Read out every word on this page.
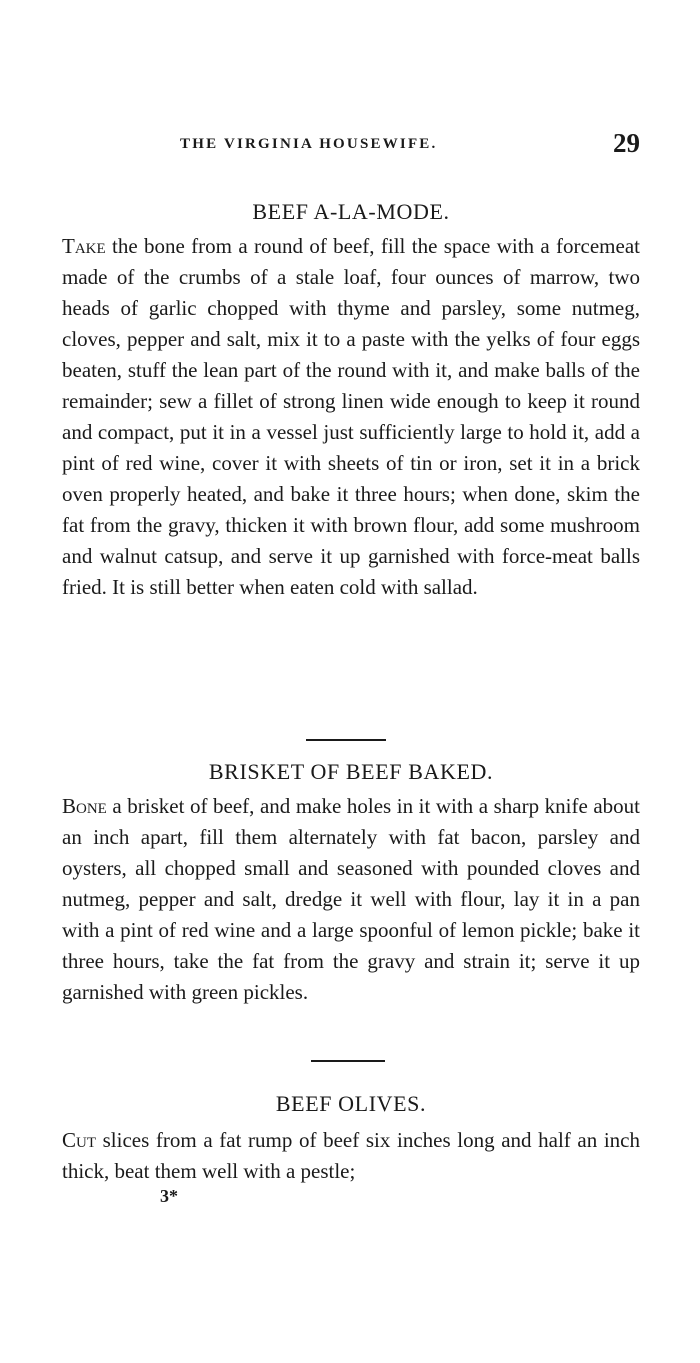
THE VIRGINIA HOUSEWIFE.	29
BEEF A-LA-MODE.

Take the bone from a round of beef, fill the space with a forcemeat made of the crumbs of a stale loaf, four ounces of marrow, two heads of garlic chopped with thyme and parsley, some nutmeg, cloves, pepper and salt, mix it to a paste with the yelks of four eggs beaten, stuff the lean part of the round with it, and make balls of the remainder; sew a fillet of strong linen wide enough to keep it round and compact, put it in a vessel just sufficiently large to hold it, add a pint of red wine, cover it with sheets of tin or iron, set it in a brick oven properly heated, and bake it three hours; when done, skim the fat from the gravy, thicken it with brown flour, add some mushroom and walnut catsup, and serve it up garnished with force-meat balls fried. It is still better when eaten cold with sallad.

BRISKET OF BEEF BAKED.

Bone a brisket of beef, and make holes in it with a sharp knife about an inch apart, fill them alternately with fat bacon, parsley and oysters, all chopped small and seasoned with pounded cloves and nutmeg, pepper and salt, dredge it well with flour, lay it in a pan with a pint of red wine and a large spoonful of lemon pickle; bake it three hours, take the fat from the gravy and strain it; serve it up garnished with green pickles.

BEEF OLIVES.

Cut slices from a fat rump of beef six inches long and half an inch thick, beat them well with a pestle;

3*
